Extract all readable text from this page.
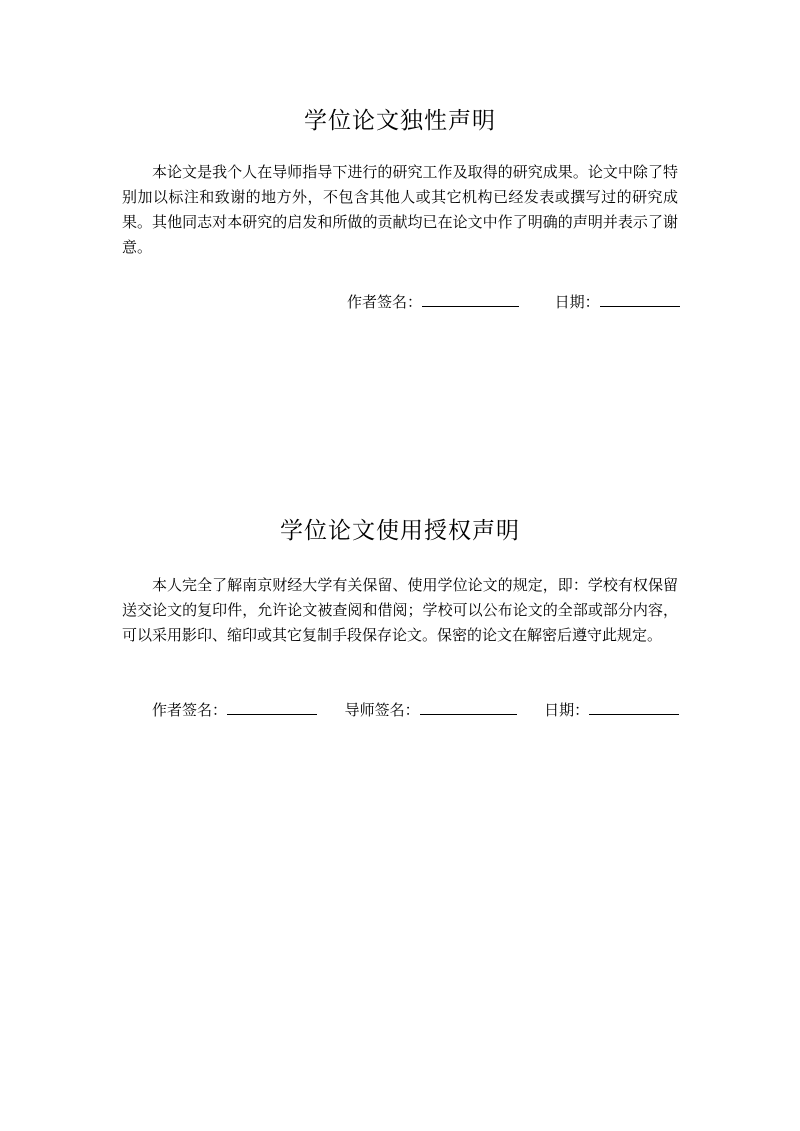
学位论文独性声明

本论文是我个人在导师指导下进行的研究工作及取得的研究成果。论文中除了特别加以标注和致谢的地方外，不包含其他人或其它机构已经发表或撰写过的研究成果。其他同志对本研究的启发和所做的贡献均已在论文中作了明确的声明并表示了谢意。

作者签名：	日期：
学位论文使用授权声明

本人完全了解南京财经大学有关保留、使用学位论文的规定，即：学校有权保留送交论文的复印件，允许论文被查阅和借阅；学校可以公布论文的全部或部分内容，可以采用影印、缩印或其它复制手段保存论文。保密的论文在解密后遵守此规定。

作者签名：	导师签名：	日期：
